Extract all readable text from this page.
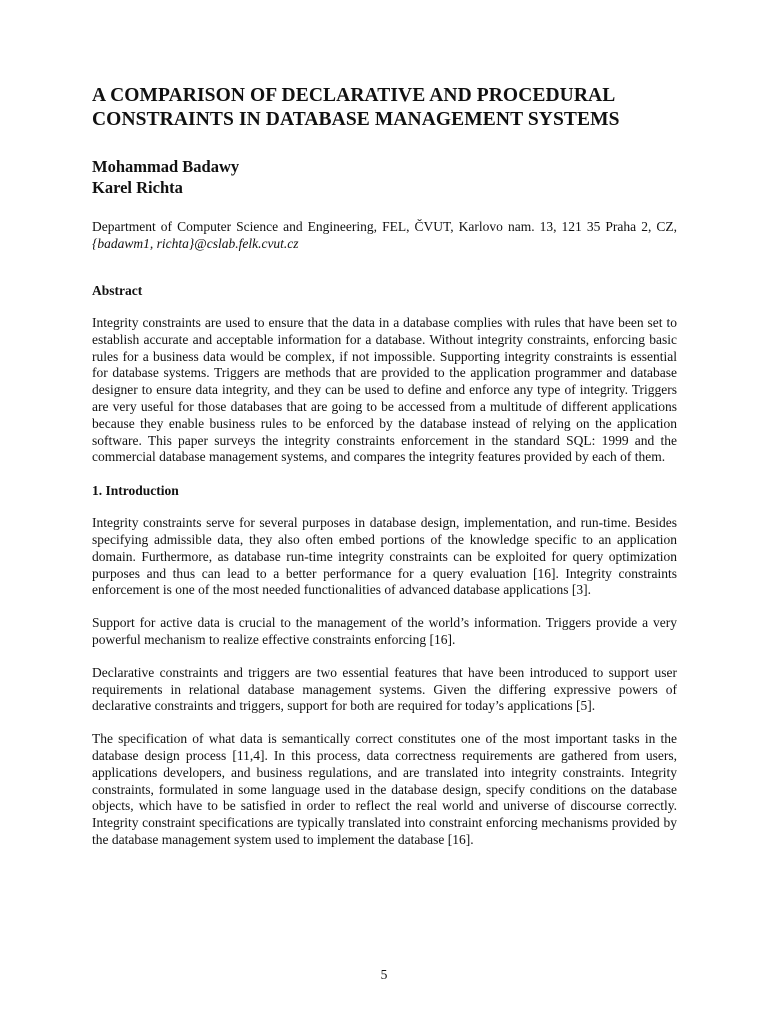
A COMPARISON OF DECLARATIVE AND PROCEDURAL CONSTRAINTS IN DATABASE MANAGEMENT SYSTEMS
Mohammad Badawy
Karel Richta
Department of Computer Science and Engineering, FEL, ČVUT, Karlovo nam. 13, 121 35 Praha 2, CZ, {badawm1, richta}@cslab.felk.cvut.cz
Abstract

Integrity constraints are used to ensure that the data in a database complies with rules that have been set to establish accurate and acceptable information for a database. Without integrity constraints, enforcing basic rules for a business data would be complex, if not impossible. Supporting integrity constraints is essential for database systems. Triggers are methods that are provided to the application programmer and database designer to ensure data integrity, and they can be used to define and enforce any type of integrity. Triggers are very useful for those databases that are going to be accessed from a multitude of different applications because they enable business rules to be enforced by the database instead of relying on the application software. This paper surveys the integrity constraints enforcement in the standard SQL: 1999 and the commercial database management systems, and compares the integrity features provided by each of them.

1. Introduction

Integrity constraints serve for several purposes in database design, implementation, and run-time. Besides specifying admissible data, they also often embed portions of the knowledge specific to an application domain. Furthermore, as database run-time integrity constraints can be exploited for query optimization purposes and thus can lead to a better performance for a query evaluation [16]. Integrity constraints enforcement is one of the most needed functionalities of advanced database applications [3].

Support for active data is crucial to the management of the world’s information. Triggers provide a very powerful mechanism to realize effective constraints enforcing [16].

Declarative constraints and triggers are two essential features that have been introduced to support user requirements in relational database management systems. Given the differing expressive powers of declarative constraints and triggers, support for both are required for today’s applications [5].

The specification of what data is semantically correct constitutes one of the most important tasks in the database design process [11,4]. In this process, data correctness requirements are gathered from users, applications developers, and business regulations, and are translated into integrity constraints. Integrity constraints, formulated in some language used in the database design, specify conditions on the database objects, which have to be satisfied in order to reflect the real world and universe of discourse correctly. Integrity constraint specifications are typically translated into constraint enforcing mechanisms provided by the database management system used to implement the database [16].

5
